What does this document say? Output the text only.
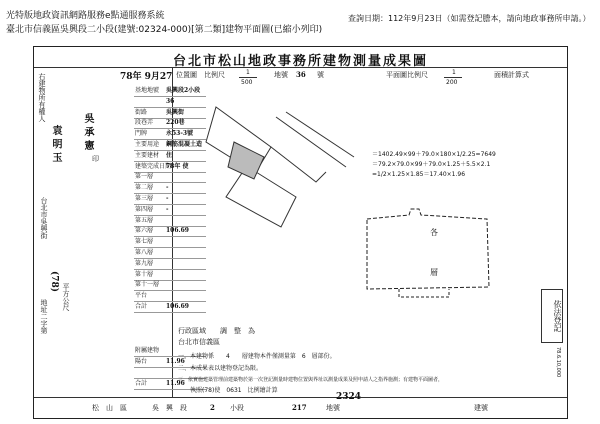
光特版地政資訊網路服務e點通服務系統	查詢日期：112年9月23日（如需登記謄本，請向地政事務所申請。）
臺北市信義區吳興段二小段(建號:02324-000)[第二類]建物平面圖(已縮小列印)
台北市松山地政事務所建物測量成果圖
右建物所有權人
袁 明 玉
台北市吳興街
(78)
平方公尺
地址二字第
吳 承 憲
印
78年 9月27
基地地號 吳興段2小段
36
街路	吳興街
段巷弄 220巷
門牌	永53-3號
主要用途 鋼筋混凝土造
主要建材 住
建築完成日期
78年 使
第一層
第二層 -
第三層 -
第四層 -
第五層
第六層 106.69
第七層
第八層
第九層
第十層
第十一層
平台
合計	106.69
附屬建物
陽台	11.96
合計	11.96
位置圖　比例尺	1
500
地號 36 號	平面圖比例尺	1
200
面積計算式
＝1402.49×99＋79.0×180×1/2.25=7649
＝79.2×79.0×99＋79.0×1.25＋5.5×2.1
=1/2×1.25×1.85＝17.40×1.96
各
層
行政區域　　調　整　為
台北市信義區
一、本建物係　　4　　層建物本件僅測量第　6　層部份。
二、本成果表以建物登記為限。
三、依實施建築管理前建築物於第一次登記測量時建物位置與界址以測量成果及照申請人之指界施測；有建物平面圖者，
執照(78)使　0631　比例繪計算
依法登記
78.6.10,000
松　山　區	吳　興　段	2 小段	217	地號
2324
建號
